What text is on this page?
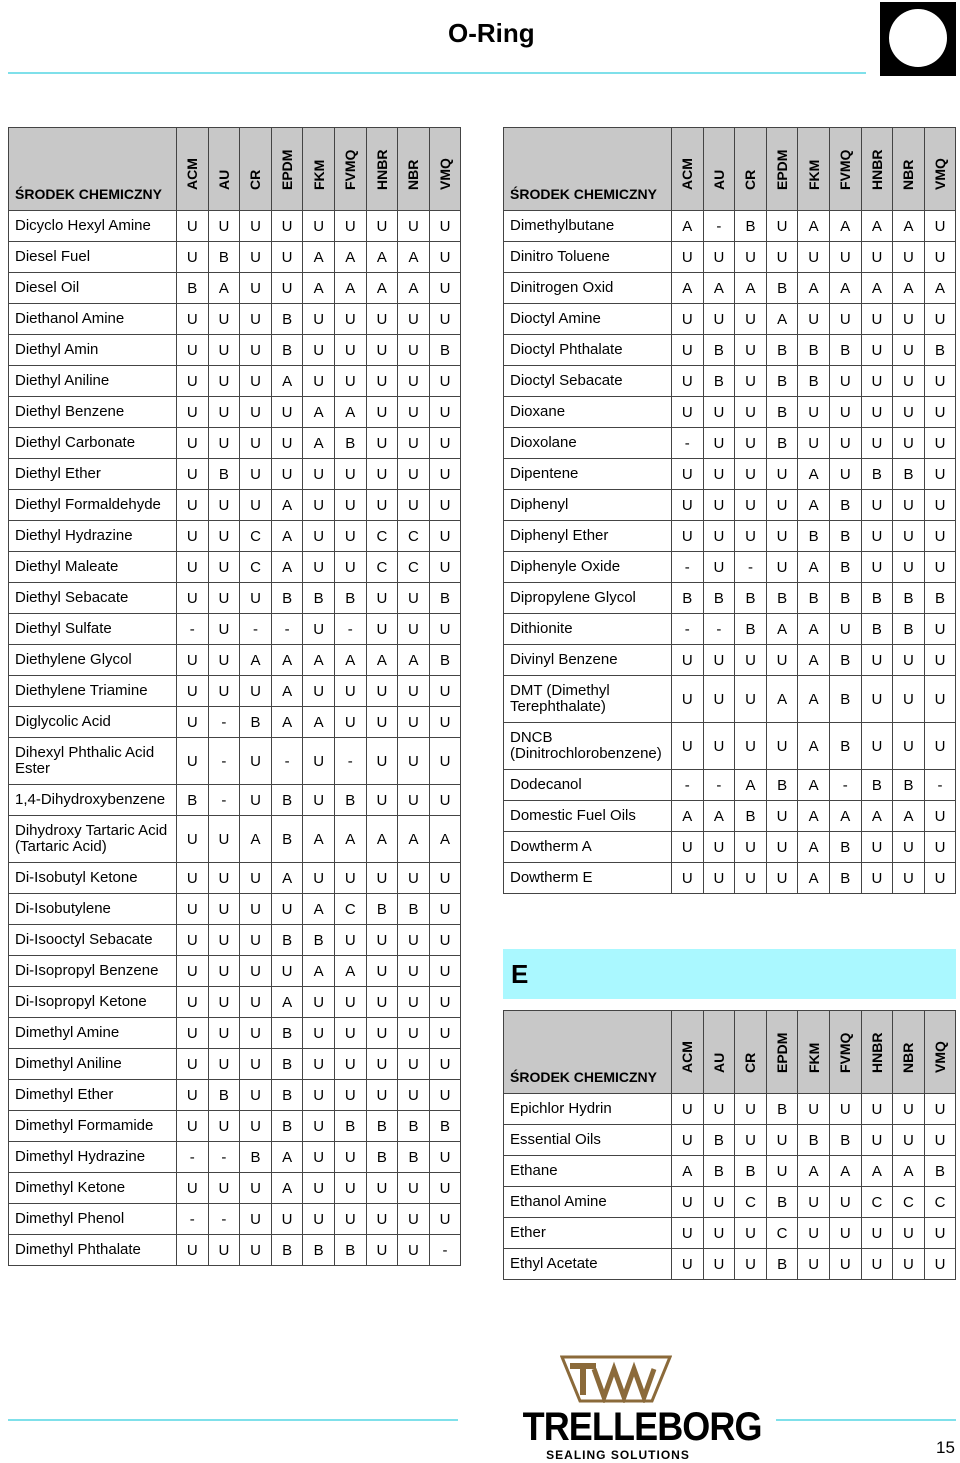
O-Ring
ŚRODEK CHEMICZNY	ACM	AU	CR	EPDM	FKM	FVMQ	HNBR	NBR	VMQ

Dicyclo Hexyl Amine	U	U	U	U	U	U	U	U	U
Diesel Fuel	U	B	U	U	A	A	A	A	U
Diesel Oil	B	A	U	U	A	A	A	A	U
Diethanol Amine	U	U	U	B	U	U	U	U	U
Diethyl Amin	U	U	U	B	U	U	U	U	B
Diethyl Aniline	U	U	U	A	U	U	U	U	U
Diethyl Benzene	U	U	U	U	A	A	U	U	U
Diethyl Carbonate	U	U	U	U	A	B	U	U	U
Diethyl Ether	U	B	U	U	U	U	U	U	U
Diethyl Formaldehyde	U	U	U	A	U	U	U	U	U
Diethyl Hydrazine	U	U	C	A	U	U	C	C	U
Diethyl Maleate	U	U	C	A	U	U	C	C	U
Diethyl Sebacate	U	U	U	B	B	B	U	U	B
Diethyl Sulfate	-	U	-	-	U	-	U	U	U
Diethylene Glycol	U	U	A	A	A	A	A	A	B
Diethylene Triamine	U	U	U	A	U	U	U	U	U
Diglycolic Acid	U	-	B	A	A	U	U	U	U
Dihexyl Phthalic Acid Ester	U	-	U	-	U	-	U	U	U
1,4-Dihydroxybenzene	B	-	U	B	U	B	U	U	U
Dihydroxy Tartaric Acid (Tartaric Acid)	U	U	A	B	A	A	A	A	A
Di-Isobutyl Ketone	U	U	U	A	U	U	U	U	U
Di-Isobutylene	U	U	U	U	A	C	B	B	U
Di-Isooctyl Sebacate	U	U	U	B	B	U	U	U	U
Di-Isopropyl Benzene	U	U	U	U	A	A	U	U	U
Di-Isopropyl Ketone	U	U	U	A	U	U	U	U	U
Dimethyl Amine	U	U	U	B	U	U	U	U	U
Dimethyl Aniline	U	U	U	B	U	U	U	U	U
Dimethyl Ether	U	B	U	B	U	U	U	U	U
Dimethyl Formamide	U	U	U	B	U	B	B	B	B
Dimethyl Hydrazine	-	-	B	A	U	U	B	B	U
Dimethyl Ketone	U	U	U	A	U	U	U	U	U
Dimethyl Phenol	-	-	U	U	U	U	U	U	U
Dimethyl Phthalate	U	U	U	B	B	B	U	U	-
ŚRODEK CHEMICZNY	ACM	AU	CR	EPDM	FKM	FVMQ	HNBR	NBR	VMQ

Dimethylbutane	A	-	B	U	A	A	A	A	U
Dinitro Toluene	U	U	U	U	U	U	U	U	U
Dinitrogen Oxid	A	A	A	B	A	A	A	A	A
Dioctyl Amine	U	U	U	A	U	U	U	U	U
Dioctyl Phthalate	U	B	U	B	B	B	U	U	B
Dioctyl Sebacate	U	B	U	B	B	U	U	U	U
Dioxane	U	U	U	B	U	U	U	U	U
Dioxolane	-	U	U	B	U	U	U	U	U
Dipentene	U	U	U	U	A	U	B	B	U
Diphenyl	U	U	U	U	A	B	U	U	U
Diphenyl Ether	U	U	U	U	B	B	U	U	U
Diphenyle Oxide	-	U	-	U	A	B	U	U	U
Dipropylene Glycol	B	B	B	B	B	B	B	B	B
Dithionite	-	-	B	A	A	U	B	B	U
Divinyl Benzene	U	U	U	U	A	B	U	U	U
DMT (Dimethyl Terephthalate)	U	U	U	A	A	B	U	U	U
DNCB (Dinitrochlorobenzene)	U	U	U	U	A	B	U	U	U
Dodecanol	-	-	A	B	A	-	B	B	-
Domestic Fuel Oils	A	A	B	U	A	A	A	A	U
Dowtherm A	U	U	U	U	A	B	U	U	U
Dowtherm E	U	U	U	U	A	B	U	U	U
E
ŚRODEK CHEMICZNY	ACM	AU	CR	EPDM	FKM	FVMQ	HNBR	NBR	VMQ

Epichlor Hydrin	U	U	U	B	U	U	U	U	U
Essential Oils	U	B	U	U	B	B	U	U	U
Ethane	A	B	B	U	A	A	A	A	B
Ethanol Amine	U	U	C	B	U	U	C	C	C
Ether	U	U	U	C	U	U	U	U	U
Ethyl Acetate	U	U	U	B	U	U	U	U	U
TRELLEBORG
SEALING SOLUTIONS	15
